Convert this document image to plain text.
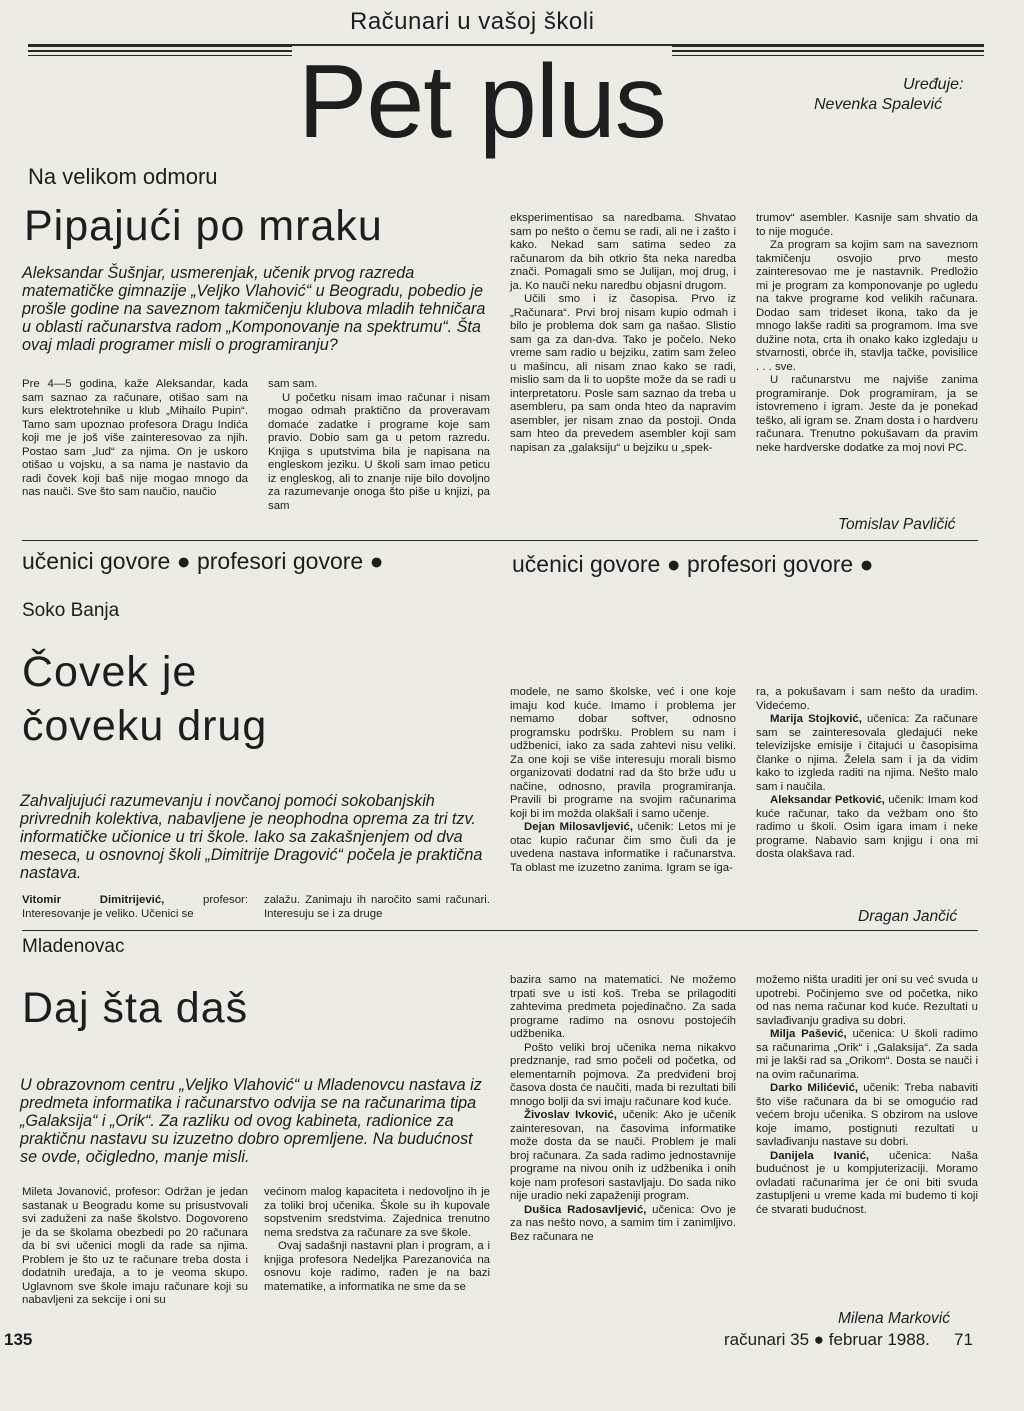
Računari u vašoj školi
Pet plus	Uređuje:
Nevenka Spalević
Na velikom odmoru
Pipajući po mraku
Aleksandar Šušnjar, usmerenjak, učenik prvog razreda matematičke gimnazije „Veljko Vlahović“ u Beogradu, pobedio je prošle godine na saveznom takmičenju klubova mladih tehničara u oblasti računarstva radom „Komponovanje na spektrumu“. Šta ovaj mladi programer misli o programiranju?

Pre 4—5 godina, kaže Aleksandar, kada sam saznao za računare, otišao sam na kurs elektrotehnike u klub „Mihailo Pupin“. Tamo sam upoznao profesora Dragu Indića koji me je još više zainteresovao za njih. Postao sam „lud“ za njima. On je uskoro otišao u vojsku, a sa nama je nastavio da radi čovek koji baš nije mogao mnogo da nas nauči. Sve što sam naučio, naučio

sam sam.

U početku nisam imao računar i nisam mogao odmah praktično da proveravam domaće zadatke i programe koje sam pravio. Dobio sam ga u petom razredu. Knjiga s uputstvima bila je napisana na engleskom jeziku. U školi sam imao peticu iz engleskog, ali to znanje nije bilo dovoljno za razumevanje onoga što piše u knjizi, pa sam

eksperimentisao sa naredbama. Shvatao sam po nešto o čemu se radi, ali ne i zašto i kako. Nekad sam satima sedeo za računarom da bih otkrio šta neka naredba znači. Pomagali smo se Julijan, moj drug, i ja. Ko nauči neku naredbu objasni drugom.

Učili smo i iz časopisa. Prvo iz „Računara“. Prvi broj nisam kupio odmah i bilo je problema dok sam ga našao. Slistio sam ga za dan-dva. Tako je počelo. Neko vreme sam radio u bejziku, zatim sam želeo u mašincu, ali nisam znao kako se radi, mislio sam da li to uopšte može da se radi u interpretatoru. Posle sam saznao da treba u asembleru, pa sam onda hteo da napravim asembler, jer nisam znao da postoji. Onda sam hteo da prevedem asembler koji sam napisan za „galaksiju“ u bejziku u „spek-

trumov“ asembler. Kasnije sam shvatio da to nije moguće.

Za program sa kojim sam na saveznom takmičenju osvojio prvo mesto zainteresovao me je nastavnik. Predložio mi je program za komponovanje po ugledu na takve programe kod velikih računara. Dodao sam trideset ikona, tako da je mnogo lakše raditi sa programom. Ima sve dužine nota, crta ih onako kako izgledaju u stvarnosti, obrće ih, stavlja tačke, povisilice . . . sve.

U računarstvu me najviše zanima programiranje. Dok programiram, ja se istovremeno i igram. Jeste da je ponekad teško, ali igram se. Znam dosta i o hardveru računara. Trenutno pokušavam da pravim neke hardverske dodatke za moj novi PC.

Tomislav Pavličić
učenici govore ● profesori govore ●	učenici govore ● profesori govore ●
Soko Banja
Čovek je
čoveku drug
Zahvaljujući razumevanju i novčanoj pomoći sokobanjskih privrednih kolektiva, nabavljene je neophodna oprema za tri tzv. informatičke učionice u tri škole. Iako sa zakašnjenjem od dva meseca, u osnovnoj školi „Dimitrije Dragović“ počela je praktična nastava.

Vitomir Dimitrijević, profesor: Interesovanje je veliko. Učenici se

zalažu. Zanimaju ih naročito sami računari. Interesuju se i za druge

modele, ne samo školske, već i one koje imaju kod kuće. Imamo i problema jer nemamo dobar softver, odnosno programsku podršku. Problem su nam i udžbenici, iako za sada zahtevi nisu veliki. Za one koji se više interesuju morali bismo organizovati dodatni rad da što brže uđu u načine, odnosno, pravila programiranja. Pravili bi programe na svojim računarima koji bi im možda olakšali i samo učenje.

Dejan Milosavljević, učenik: Letos mi je otac kupio računar čim smo čuli da je uvedena nastava informatike i računarstva. Ta oblast me izuzetno zanima. Igram se iga-

ra, a pokušavam i sam nešto da uradim. Videćemo.

Marija Stojković, učenica: Za računare sam se zainteresovala gledajući neke televizijske emisije i čitajući u časopisima članke o njima. Želela sam i ja da vidim kako to izgleda raditi na njima. Nešto malo sam i naučila.

Aleksandar Petković, učenik: Imam kod kuće računar, tako da vežbam ono što radimo u školi. Osim igara imam i neke programe. Nabavio sam knjigu i ona mi dosta olakšava rad.

Dragan Jančić
Mladenovac
Daj šta daš
U obrazovnom centru „Veljko Vlahović“ u Mladenovcu nastava iz predmeta informatika i računarstvo odvija se na računarima tipa „Galaksija“ i „Orik“. Za razliku od ovog kabineta, radionice za praktičnu nastavu su izuzetno dobro opremljene. Na budućnost se ovde, očigledno, manje misli.

Mileta Jovanović, profesor: Održan je jedan sastanak u Beogradu kome su prisustvovali svi zaduženi za naše školstvo. Dogovoreno je da se školama obezbedi po 20 računara da bi svi učenici mogli da rade sa njima. Problem je što uz te računare treba dosta i dodatnih uređaja, a to je veoma skupo. Uglavnom sve škole imaju računare koji su nabavljeni za sekcije i oni su

većinom malog kapaciteta i nedovoljno ih je za toliki broj učenika. Škole su ih kupovale sopstvenim sredstvima. Zajednica trenutno nema sredstva za računare za sve škole.

Ovaj sadašnji nastavni plan i program, a i knjiga profesora Nedeljka Parezanovića na osnovu koje radimo, rađen je na bazi matematike, a informatika ne sme da se

bazira samo na matematici. Ne možemo trpati sve u isti koš. Treba se prilagoditi zahtevima predmeta pojedinačno. Za sada programe radimo na osnovu postojećih udžbenika.

Pošto veliki broj učenika nema nikakvo predznanje, rad smo počeli od početka, od elementarnih pojmova. Za predviđeni broj časova dosta će naučiti, mada bi rezultati bili mnogo bolji da svi imaju računare kod kuće.

Živoslav Ivković, učenik: Ako je učenik zainteresovan, na časovima informatike može dosta da se nauči. Problem je mali broj računara. Za sada radimo jednostavnije programe na nivou onih iz udžbenika i onih koje nam profesori sastavljaju. Do sada niko nije uradio neki zapaženiji program.

Dušica Radosavljević, učenica: Ovo je za nas nešto novo, a samim tim i zanimljivo. Bez računara ne

možemo ništa uraditi jer oni su već svuda u upotrebi. Počinjemo sve od početka, niko od nas nema računar kod kuće. Rezultati u savlađivanju gradiva su dobri.

Milja Pašević, učenica: U školi radimo sa računarima „Orik“ i „Galaksija“. Za sada mi je lakši rad sa „Orikom“. Dosta se nauči i na ovim računarima.

Darko Milićević, učenik: Treba nabaviti što više računara da bi se omogućio rad većem broju učenika. S obzirom na uslove koje imamo, postignuti rezultati u savlađivanju nastave su dobri.

Danijela Ivanić, učenica: Naša budućnost je u kompjuterizaciji. Moramo ovladati računarima jer će oni biti svuda zastupljeni u vreme kada mi budemo ti koji će stvarati budućnost.

Milena Marković
135	računari 35 ● februar 1988. 71
